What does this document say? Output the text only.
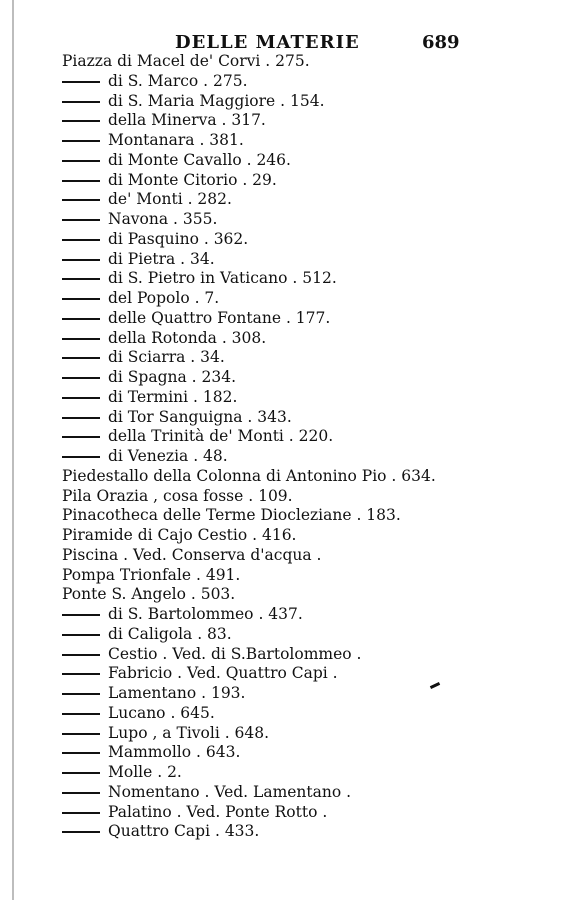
DELLE MATERIE	689
Piazza di Macel de' Corvi . 275.
di S. Marco . 275.
di S. Maria Maggiore . 154.
della Minerva . 317.
Montanara . 381.
di Monte Cavallo . 246.
di Monte Citorio . 29.
de' Monti . 282.
Navona . 355.
di Pasquino . 362.
di Pietra . 34.
di S. Pietro in Vaticano . 512.
del Popolo . 7.
delle Quattro Fontane . 177.
della Rotonda . 308.
di Sciarra . 34.
di Spagna . 234.
di Termini . 182.
di Tor Sanguigna . 343.
della Trinità de' Monti . 220.
di Venezia . 48.
Piedestallo della Colonna di Antonino Pio . 634.
Pila Orazia , cosa fosse . 109.
Pinacotheca delle Terme Diocleziane . 183.
Piramide di Cajo Cestio . 416.
Piscina . Ved. Conserva d'acqua .
Pompa Trionfale . 491.
Ponte S. Angelo . 503.
di S. Bartolommeo . 437.
di Caligola . 83.
Cestio . Ved. di S.Bartolommeo .
Fabricio . Ved. Quattro Capi .
Lamentano . 193.
Lucano . 645.
Lupo , a Tivoli . 648.
Mammollo . 643.
Molle . 2.
Nomentano . Ved. Lamentano .
Palatino . Ved. Ponte Rotto .
Quattro Capi . 433.
